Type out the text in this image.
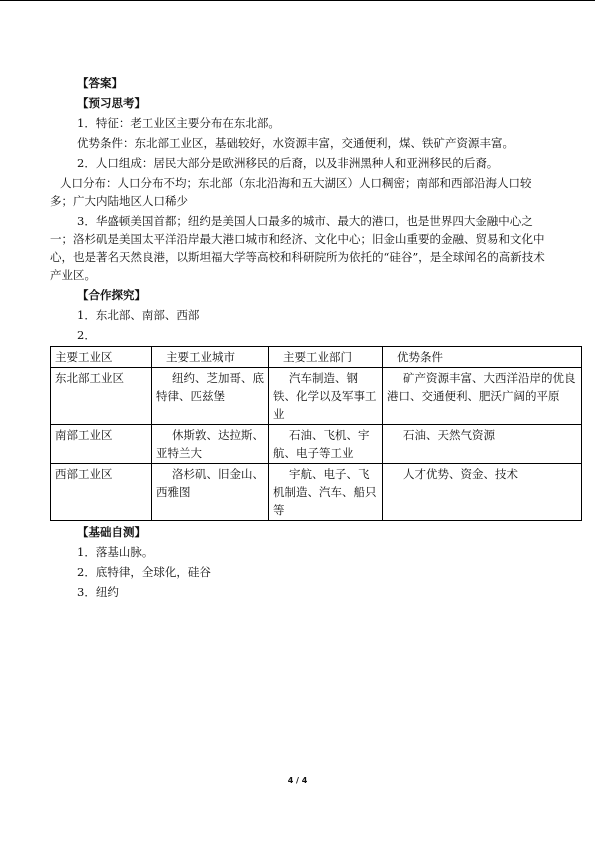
【答案】
【预习思考】
1．特征：老工业区主要分布在东北部。
优势条件：东北部工业区，基础较好，水资源丰富，交通便利，煤、铁矿产资源丰富。
2．人口组成：居民大部分是欧洲移民的后裔，以及非洲黑种人和亚洲移民的后裔。
人口分布：人口分布不均；东北部（东北沿海和五大湖区）人口稠密；南部和西部沿海人口较多；广大内陆地区人口稀少
3．华盛顿美国首都；纽约是美国人口最多的城市、最大的港口，也是世界四大金融中心之一；洛杉矶是美国太平洋沿岸最大港口城市和经济、文化中心；旧金山重要的金融、贸易和文化中心，也是著名天然良港，以斯坦福大学等高校和科研院所为依托的“硅谷”，是全球闻名的高新技术产业区。
【合作探究】
1．东北部、南部、西部
2．
主要工业区	主要工业城市	主要工业部门	优势条件
东北部工业区	纽约、芝加哥、底特律、匹兹堡	汽车制造、钢铁、化学以及军事工业	矿产资源丰富、大西洋沿岸的优良港口、交通便利、肥沃广阔的平原
南部工业区	休斯敦、达拉斯、亚特兰大	石油、飞机、宇航、电子等工业	石油、天然气资源
西部工业区	洛杉矶、旧金山、西雅图	宇航、电子、飞机制造、汽车、船只等	人才优势、资金、技术
【基础自测】
1．落基山脉。
2．底特律，全球化，硅谷
3．纽约
4 / 4
